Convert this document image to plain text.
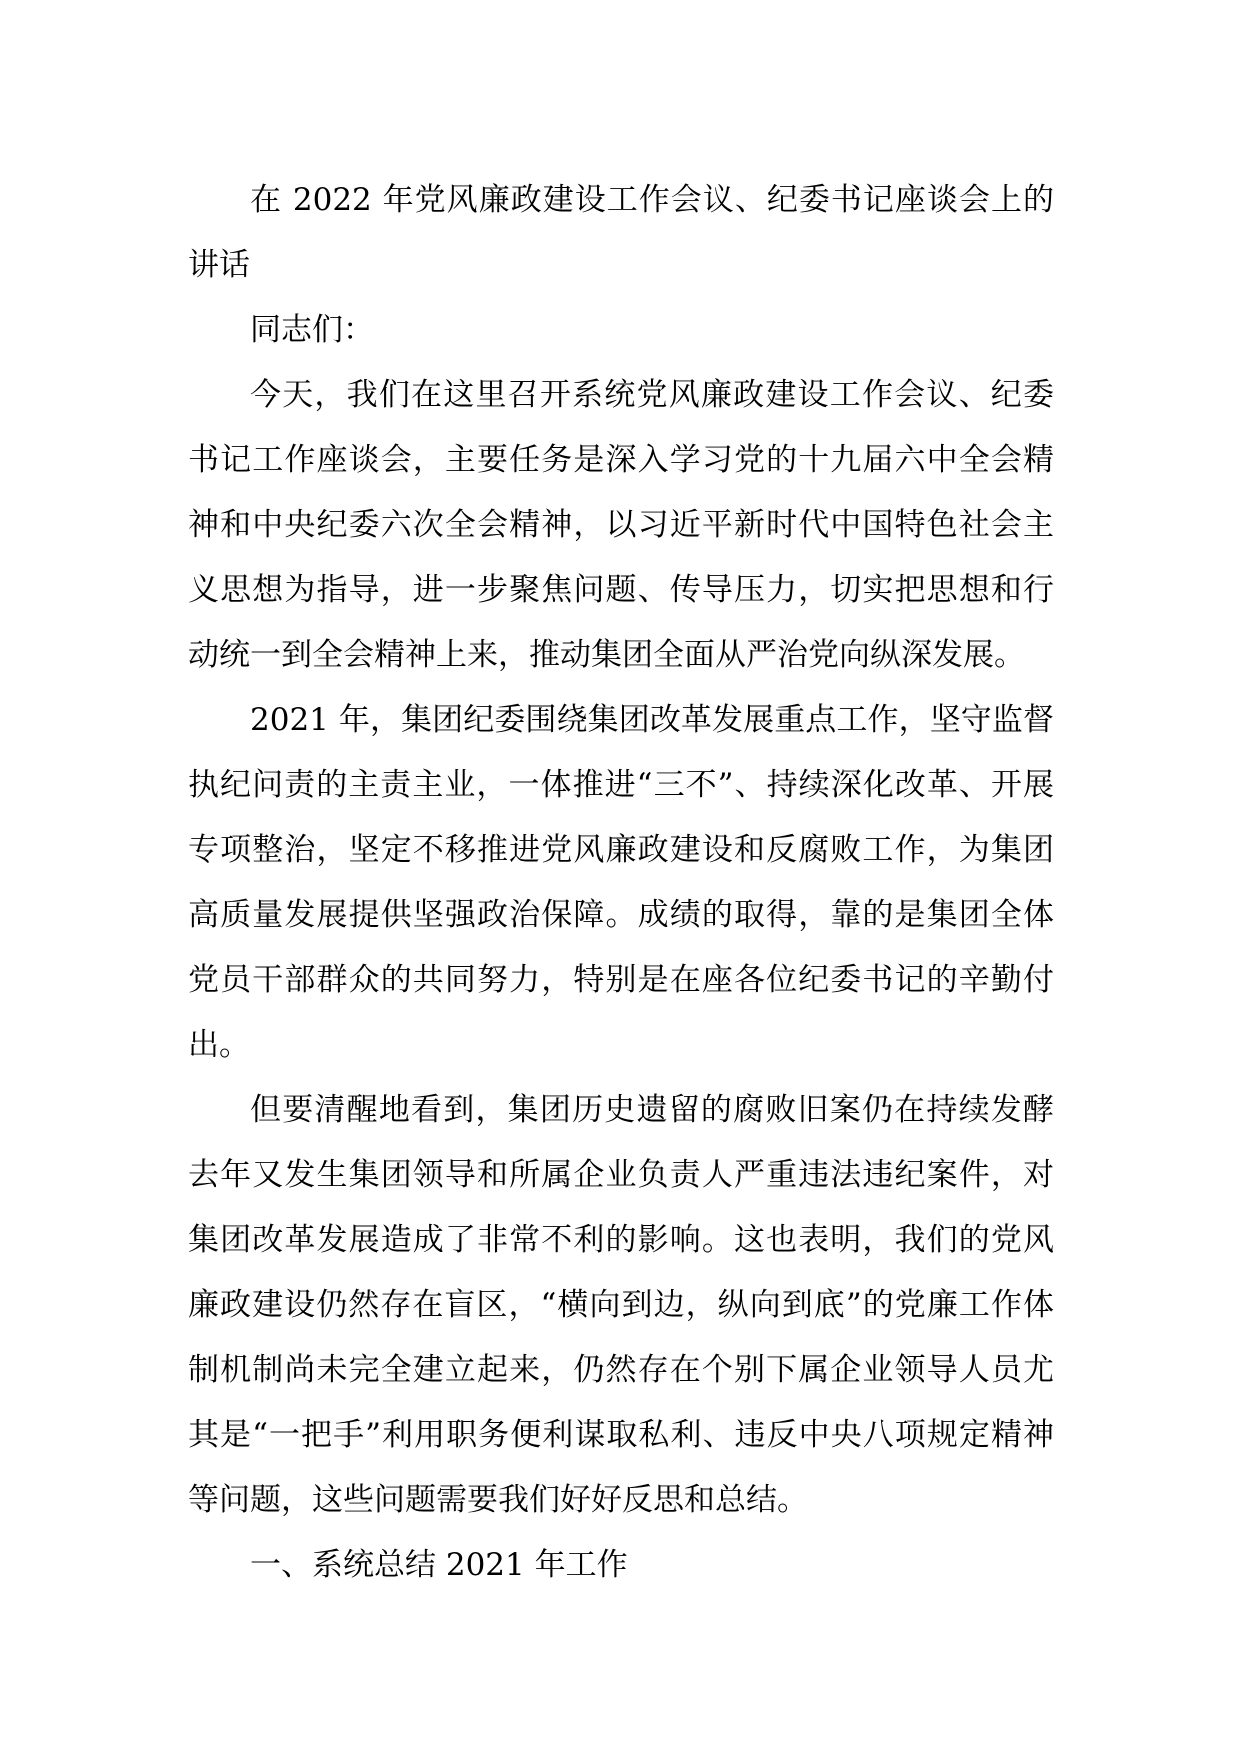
在 2022 年党风廉政建设工作会议、纪委书记座谈会上的讲话

同志们：

今天，我们在这里召开系统党风廉政建设工作会议、纪委书记工作座谈会，主要任务是深入学习党的十九届六中全会精神和中央纪委六次全会精神，以习近平新时代中国特色社会主义思想为指导，进一步聚焦问题、传导压力，切实把思想和行动统一到全会精神上来，推动集团全面从严治党向纵深发展。

2021 年，集团纪委围绕集团改革发展重点工作，坚守监督执纪问责的主责主业，一体推进“三不”、持续深化改革、开展专项整治，坚定不移推进党风廉政建设和反腐败工作，为集团高质量发展提供坚强政治保障。成绩的取得，靠的是集团全体党员干部群众的共同努力，特别是在座各位纪委书记的辛勤付出。

但要清醒地看到，集团历史遗留的腐败旧案仍在持续发酵去年又发生集团领导和所属企业负责人严重违法违纪案件，对集团改革发展造成了非常不利的影响。这也表明，我们的党风廉政建设仍然存在盲区，“横向到边，纵向到底”的党廉工作体制机制尚未完全建立起来，仍然存在个别下属企业领导人员尤其是“一把手”利用职务便利谋取私利、违反中央八项规定精神等问题，这些问题需要我们好好反思和总结。

一、系统总结 2021 年工作
